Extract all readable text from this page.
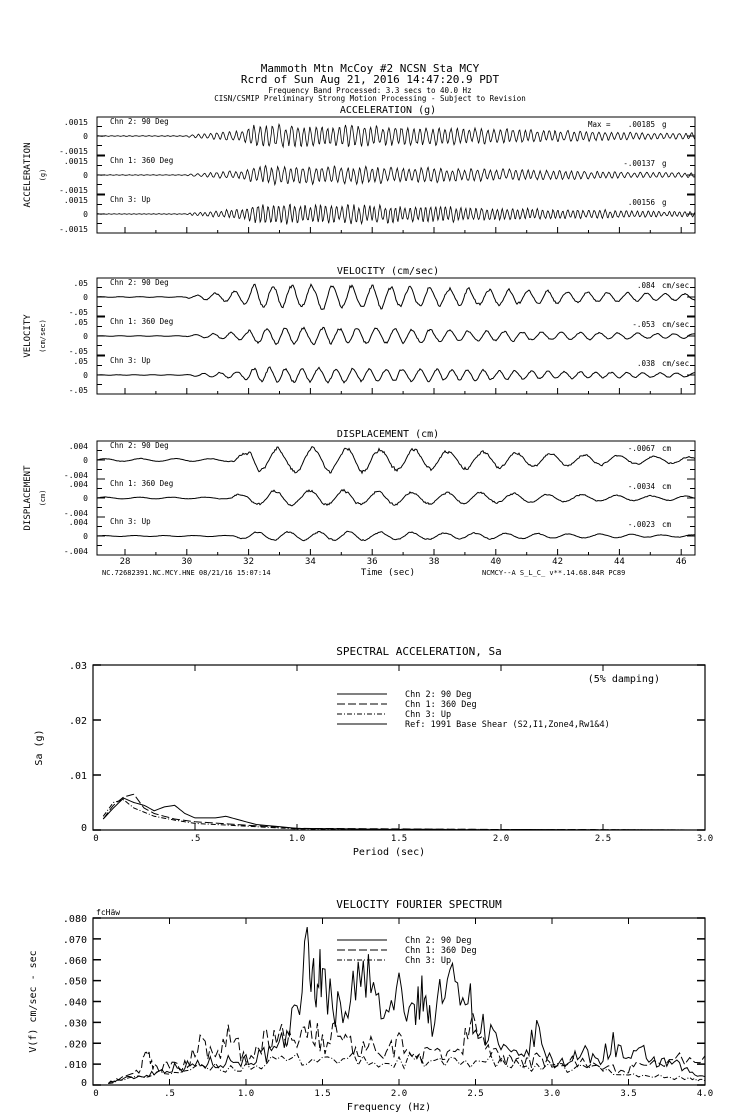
Mammoth Mtn McCoy #2 NCSN Sta MCY
Rcrd of Sun Aug 21, 2016 14:47:20.9 PDT
Frequency Band Processed: 3.3 secs to 40.0 Hz
CISN/CSMIP Preliminary Strong Motion Processing - Subject to Revision
NC.72682391.NC.MCY.HNE 08/21/16 15:07:14	Time (sec)	NCMCY--A S_L_C_ v**.14.68.84R PC89
ACCELERATION (g)
ACCELERATION (g)
.0015
0
-.0015
Chn 2: 90 Deg	Max = .00185 g
.0015
0
-.0015
Chn 1: 360 Deg	-.00137 g
.0015
0
-.0015
Chn 3: Up	.00156 g
VELOCITY (cm/sec)
VELOCITY (cm/sec)
.05
0
-.05
Chn 2: 90 Deg	.084 cm/sec
.05
0
-.05
Chn 1: 360 Deg	-.053 cm/sec
.05
0
-.05
Chn 3: Up	.038 cm/sec
DISPLACEMENT (cm)
DISPLACEMENT (cm)
.004
0
-.004
Chn 2: 90 Deg	-.0067 cm
.004
0
-.004
Chn 1: 360 Deg	-.0034 cm
.004
0
-.004
Chn 3: Up	-.0023 cm
28	30	32	34	36	38	40	42	44	46
SPECTRAL ACCELERATION, Sa
0	.5	1.0	1.5	2.0	2.5	3.0
0
.01
.02
.03
Period (sec)
Sa (g)
Chn 2: 90 Deg
Chn 1: 360 Deg
Chn 3: Up
Ref: 1991 Base Shear (S2,I1,Zone4,Rw1&4)
(5% damping)
VELOCITY FOURIER SPECTRUM
0	.5	1.0	1.5	2.0	2.5	3.0	3.5	4.0
0
.010
.020
.030
.040
.050
.060
.070
.080
Frequency (Hz)
V(f) cm/sec - sec
Chn 2: 90 Deg
Chn 1: 360 Deg
Chn 3: Up
fcHäw
